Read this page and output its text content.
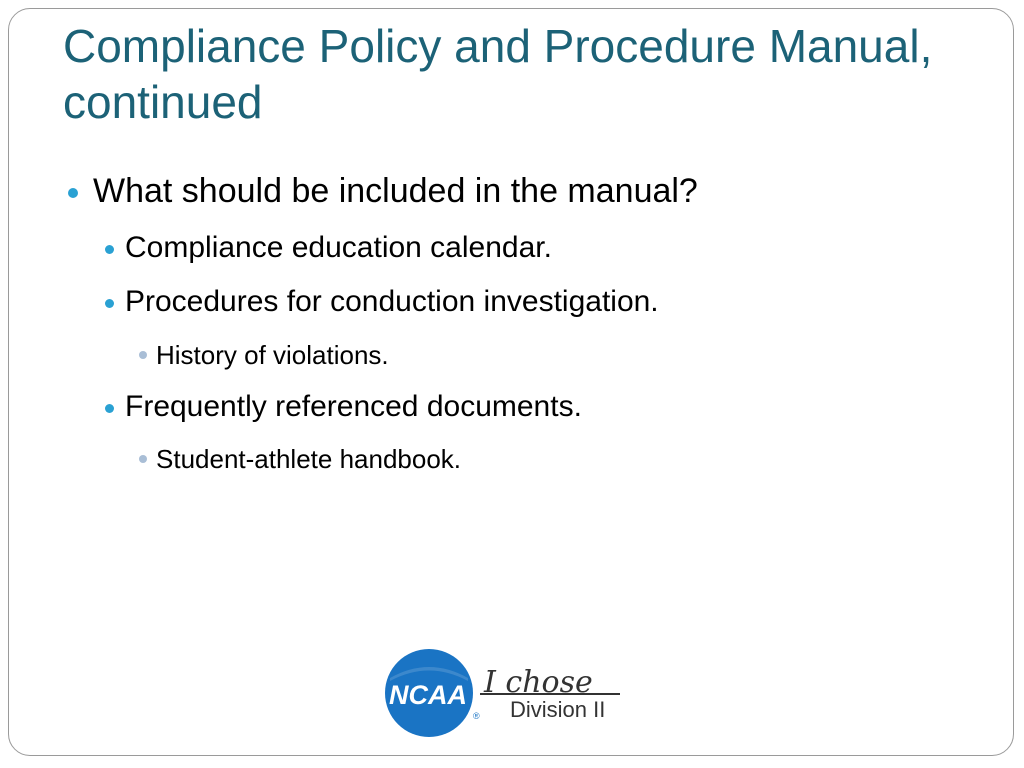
Compliance Policy and Procedure Manual, continued
What should be included in the manual?
Compliance education calendar.
Procedures for conduction investigation.
History of violations.
Frequently referenced documents.
Student-athlete handbook.
NCAA
®
I chose
Division II
